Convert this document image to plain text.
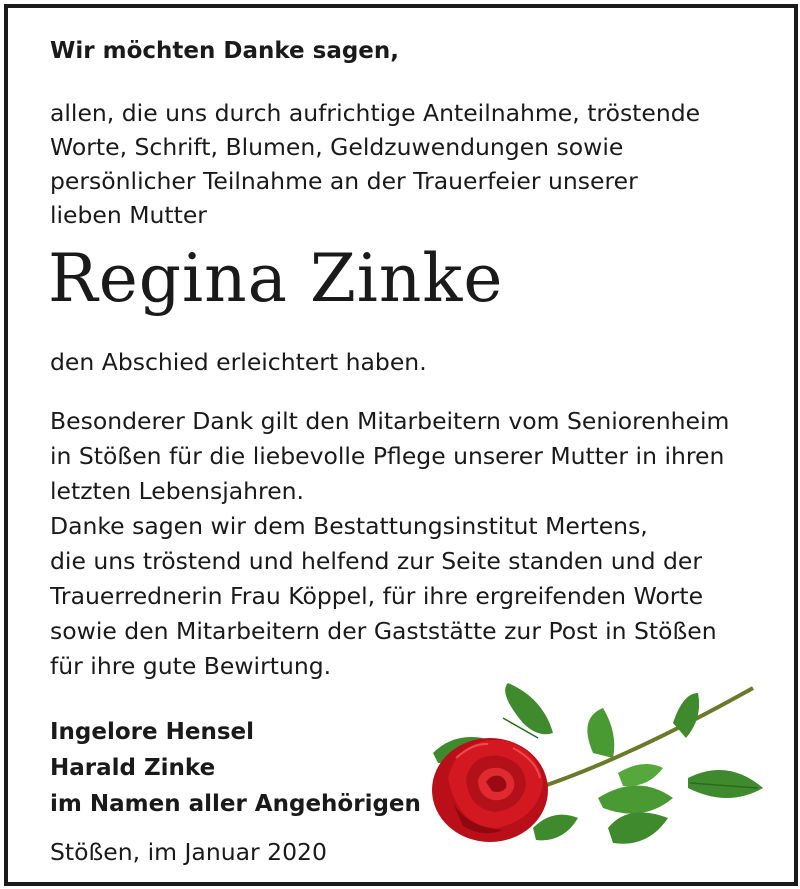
Wir möchten Danke sagen,
allen, die uns durch aufrichtige Anteilnahme, tröstende
Worte, Schrift, Blumen, Geldzuwendungen sowie
persönlicher Teilnahme an der Trauerfeier unserer
lieben Mutter
Regina Zinke
den Abschied erleichtert haben.
Besonderer Dank gilt den Mitarbeitern vom Seniorenheim
in Stößen für die liebevolle Pflege unserer Mutter in ihren
letzten Lebensjahren.
Danke sagen wir dem Bestattungsinstitut Mertens,
die uns tröstend und helfend zur Seite standen und der
Trauerrednerin Frau Köppel, für ihre ergreifenden Worte
sowie den Mitarbeitern der Gaststätte zur Post in Stößen
für ihre gute Bewirtung.
Ingelore Hensel
Harald Zinke
im Namen aller Angehörigen
Stößen, im Januar 2020
